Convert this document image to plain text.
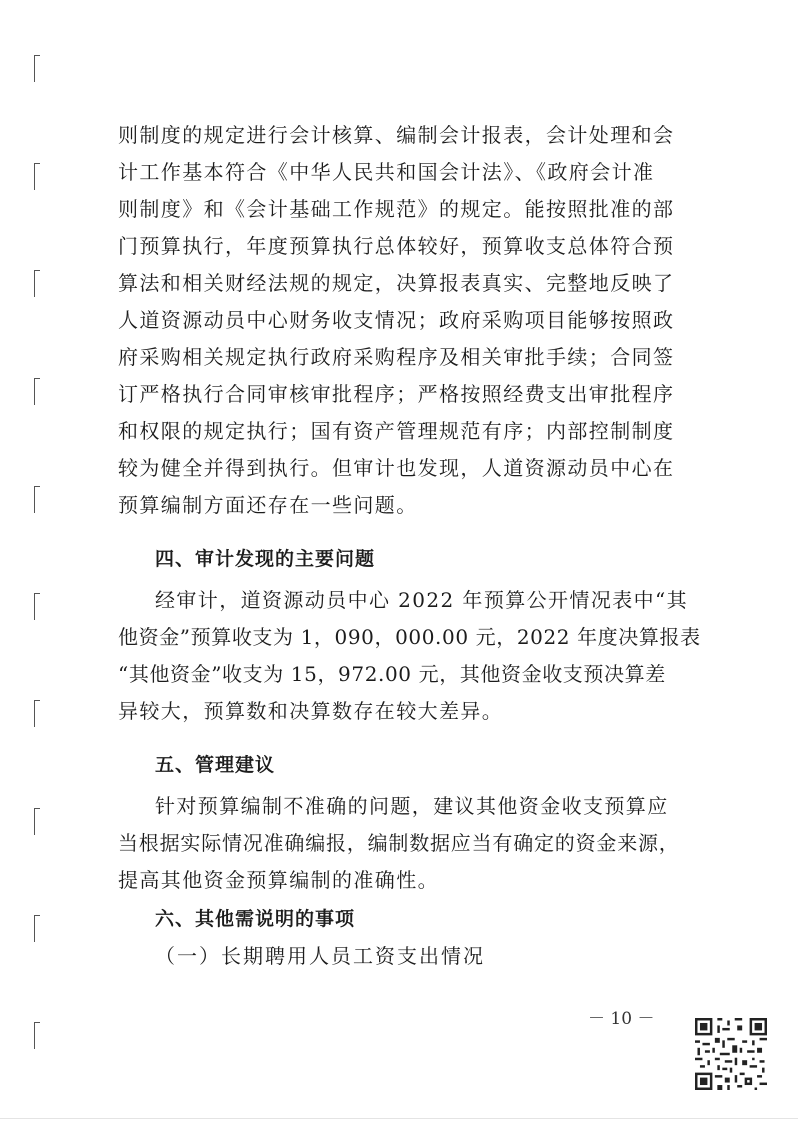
则制度的规定进行会计核算、编制会计报表，会计处理和会
计工作基本符合《中华人民共和国会计法》、《政府会计准
则制度》和《会计基础工作规范》的规定。能按照批准的部
门预算执行，年度预算执行总体较好，预算收支总体符合预
算法和相关财经法规的规定，决算报表真实、完整地反映了
人道资源动员中心财务收支情况；政府采购项目能够按照政
府采购相关规定执行政府采购程序及相关审批手续；合同签
订严格执行合同审核审批程序；严格按照经费支出审批程序
和权限的规定执行；国有资产管理规范有序；内部控制制度
较为健全并得到执行。但审计也发现，人道资源动员中心在
预算编制方面还存在一些问题。
四、审计发现的主要问题
经审计，道资源动员中心 2022 年预算公开情况表中“其
他资金”预算收支为 1，090，000.00 元，2022 年度决算报表
“其他资金”收支为 15，972.00 元，其他资金收支预决算差
异较大，预算数和决算数存在较大差异。
五、管理建议
针对预算编制不准确的问题，建议其他资金收支预算应
当根据实际情况准确编报，编制数据应当有确定的资金来源，
提高其他资金预算编制的准确性。
六、其他需说明的事项
（一）长期聘用人员工资支出情况
－ 10 －
